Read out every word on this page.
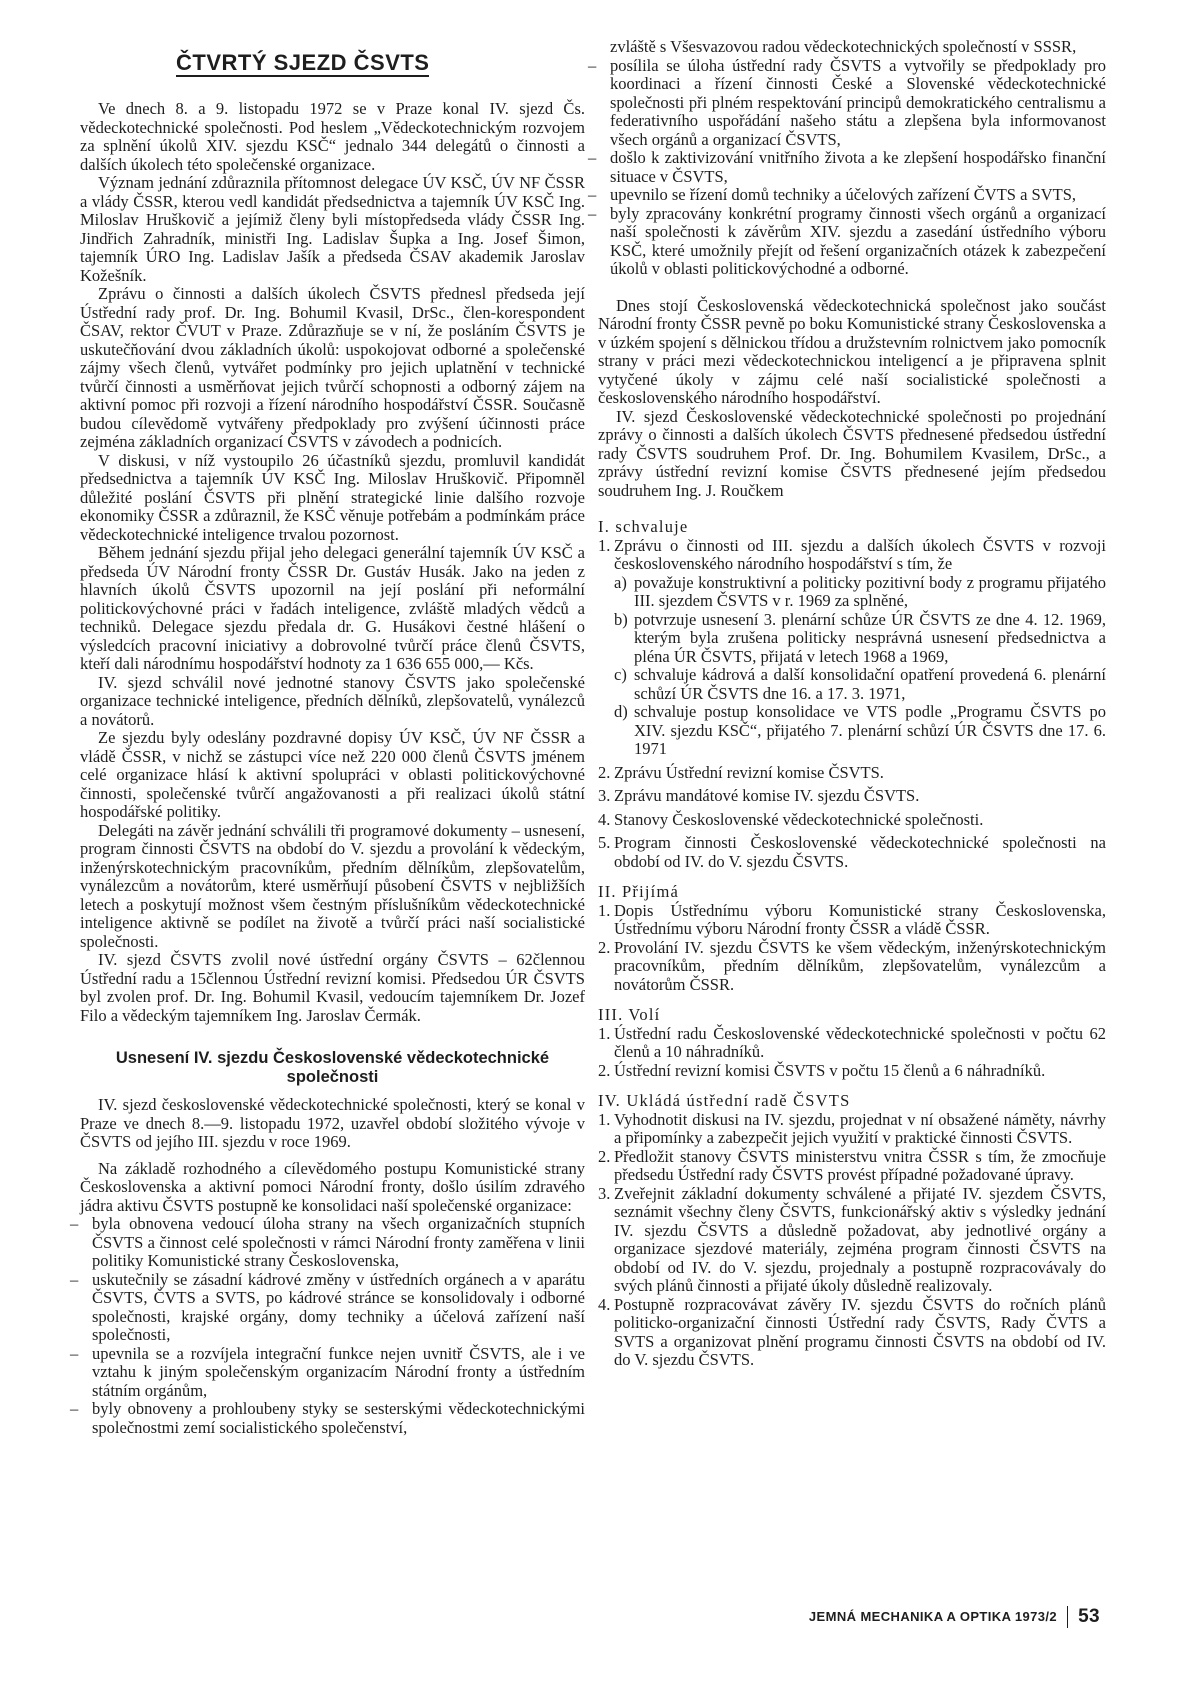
ČTVRTÝ SJEZD ČSVTS

Ve dnech 8. a 9. listopadu 1972 se v Praze konal IV. sjezd Čs. vědeckotechnické společnosti. Pod heslem „Vědeckotechnickým rozvojem za splnění úkolů XIV. sjezdu KSČ“ jednalo 344 delegátů o činnosti a dalších úkolech této společenské organizace.

Význam jednání zdůraznila přítomnost delegace ÚV KSČ, ÚV NF ČSSR a vlády ČSSR, kterou vedl kandidát předsednictva a tajemník ÚV KSČ Ing. Miloslav Hruškovič a jejímiž členy byli místopředseda vlády ČSSR Ing. Jindřich Zahradník, ministři Ing. Ladislav Šupka a Ing. Josef Šimon, tajemník ÚRO Ing. Ladislav Jašík a předseda ČSAV akademik Jaroslav Kožešník.

Zprávu o činnosti a dalších úkolech ČSVTS přednesl předseda její Ústřední rady prof. Dr. Ing. Bohumil Kvasil, DrSc., člen-korespondent ČSAV, rektor ČVUT v Praze. Zdůrazňuje se v ní, že posláním ČSVTS je uskutečňování dvou základních úkolů: uspokojovat odborné a společenské zájmy všech členů, vytvářet podmínky pro jejich uplatnění v technické tvůrčí činnosti a usměrňovat jejich tvůrčí schopnosti a odborný zájem na aktivní pomoc při rozvoji a řízení národního hospodářství ČSSR. Současně budou cílevědomě vytvářeny předpoklady pro zvýšení účinnosti práce zejména základních organizací ČSVTS v závodech a podnicích.

V diskusi, v níž vystoupilo 26 účastníků sjezdu, promluvil kandidát předsednictva a tajemník ÚV KSČ Ing. Miloslav Hruškovič. Připomněl důležité poslání ČSVTS při plnění strategické linie dalšího rozvoje ekonomiky ČSSR a zdůraznil, že KSČ věnuje potřebám a podmínkám práce vědeckotechnické inteligence trvalou pozornost.

Během jednání sjezdu přijal jeho delegaci generální tajemník ÚV KSČ a předseda ÚV Národní fronty ČSSR Dr. Gustáv Husák. Jako na jeden z hlavních úkolů ČSVTS upozornil na její poslání při neformální politickovýchovné práci v řadách inteligence, zvláště mladých vědců a techniků. Delegace sjezdu předala dr. G. Husákovi čestné hlášení o výsledcích pracovní iniciativy a dobrovolné tvůrčí práce členů ČSVTS, kteří dali národnímu hospodářství hodnoty za 1 636 655 000,— Kčs.

IV. sjezd schválil nové jednotné stanovy ČSVTS jako společenské organizace technické inteligence, předních dělníků, zlepšovatelů, vynálezců a novátorů.

Ze sjezdu byly odeslány pozdravné dopisy ÚV KSČ, ÚV NF ČSSR a vládě ČSSR, v nichž se zástupci více než 220 000 členů ČSVTS jménem celé organizace hlásí k aktivní spolupráci v oblasti politickovýchovné činnosti, společenské tvůrčí angažovanosti a při realizaci úkolů státní hospodářské politiky.

Delegáti na závěr jednání schválili tři programové dokumenty – usnesení, program činnosti ČSVTS na období do V. sjezdu a provolání k vědeckým, inženýrskotechnickým pracovníkům, předním dělníkům, zlepšovatelům, vynálezcům a novátorům, které usměrňují působení ČSVTS v nejbližších letech a poskytují možnost všem čestným příslušníkům vědeckotechnické inteligence aktivně se podílet na životě a tvůrčí práci naší socialistické společnosti.

IV. sjezd ČSVTS zvolil nové ústřední orgány ČSVTS – 62člennou Ústřední radu a 15člennou Ústřední revizní komisi. Předsedou ÚR ČSVTS byl zvolen prof. Dr. Ing. Bohumil Kvasil, vedoucím tajemníkem Dr. Jozef Filo a vědeckým tajemníkem Ing. Jaroslav Čermák.

Usnesení IV. sjezdu Československé vědeckotechnické společnosti

IV. sjezd československé vědeckotechnické společnosti, který se konal v Praze ve dnech 8.—9. listopadu 1972, uzavřel období složitého vývoje v ČSVTS od jejího III. sjezdu v roce 1969.

Na základě rozhodného a cílevědomého postupu Komunistické strany Československa a aktivní pomoci Národní fronty, došlo úsilím zdravého jádra aktivu ČSVTS postupně ke konsolidaci naší společenské organizace:

– byla obnovena vedoucí úloha strany na všech organizačních stupních ČSVTS a činnost celé společnosti v rámci Národní fronty zaměřena v linii politiky Komunistické strany Československa,
– uskutečnily se zásadní kádrové změny v ústředních orgánech a v aparátu ČSVTS, ČVTS a SVTS, po kádrové stránce se konsolidovaly i odborné společnosti, krajské orgány, domy techniky a účelová zařízení naší společnosti,
– upevnila se a rozvíjela integrační funkce nejen uvnitř ČSVTS, ale i ve vztahu k jiným společenským organizacím Národní fronty a ústředním státním orgánům,
– byly obnoveny a prohloubeny styky se sesterskými vědeckotechnickými společnostmi zemí socialistického společenství,

zvláště s Všesvazovou radou vědeckotechnických společností v SSSR,

– posílila se úloha ústřední rady ČSVTS a vytvořily se předpoklady pro koordinaci a řízení činnosti České a Slovenské vědeckotechnické společnosti při plném respektování principů demokratického centralismu a federativního uspořádání našeho státu a zlepšena byla informovanost všech orgánů a organizací ČSVTS,
– došlo k zaktivizování vnitřního života a ke zlepšení hospodářsko finanční situace v ČSVTS,
– upevnilo se řízení domů techniky a účelových zařízení ČVTS a SVTS,
– byly zpracovány konkrétní programy činnosti všech orgánů a organizací naší společnosti k závěrům XIV. sjezdu a zasedání ústředního výboru KSČ, které umožnily přejít od řešení organizačních otázek k zabezpečení úkolů v oblasti politickovýchodné a odborné.

Dnes stojí Československá vědeckotechnická společnost jako součást Národní fronty ČSSR pevně po boku Komunistické strany Československa a v úzkém spojení s dělnickou třídou a družstevním rolnictvem jako pomocník strany v práci mezi vědeckotechnickou inteligencí a je připravena splnit vytyčené úkoly v zájmu celé naší socialistické společnosti a československého národního hospodářství.

IV. sjezd Československé vědeckotechnické společnosti po projednání zprávy o činnosti a dalších úkolech ČSVTS přednesené předsedou ústřední rady ČSVTS soudruhem Prof. Dr. Ing. Bohumilem Kvasilem, DrSc., a zprávy ústřední revizní komise ČSVTS přednesené jejím předsedou soudruhem Ing. J. Roučkem

I. schvaluje

1. Zprávu o činnosti od III. sjezdu a dalších úkolech ČSVTS v rozvoji československého národního hospodářství s tím, že
a) považuje konstruktivní a politicky pozitivní body z programu přijatého III. sjezdem ČSVTS v r. 1969 za splněné,
b) potvrzuje usnesení 3. plenární schůze ÚR ČSVTS ze dne 4. 12. 1969, kterým byla zrušena politicky nesprávná usnesení předsednictva a pléna ÚR ČSVTS, přijatá v letech 1968 a 1969,
c) schvaluje kádrová a další konsolidační opatření provedená 6. plenární schůzí ÚR ČSVTS dne 16. a 17. 3. 1971,
d) schvaluje postup konsolidace ve VTS podle „Programu ČSVTS po XIV. sjezdu KSČ“, přijatého 7. plenární schůzí ÚR ČSVTS dne 17. 6. 1971
2. Zprávu Ústřední revizní komise ČSVTS.
3. Zprávu mandátové komise IV. sjezdu ČSVTS.
4. Stanovy Československé vědeckotechnické společnosti.
5. Program činnosti Československé vědeckotechnické společnosti na období od IV. do V. sjezdu ČSVTS.

II. Přijímá

1. Dopis Ústřednímu výboru Komunistické strany Československa, Ústřednímu výboru Národní fronty ČSSR a vládě ČSSR.
2. Provolání IV. sjezdu ČSVTS ke všem vědeckým, inženýrskotechnickým pracovníkům, předním dělníkům, zlepšovatelům, vynálezcům a novátorům ČSSR.

III. Volí

1. Ústřední radu Československé vědeckotechnické společnosti v počtu 62 členů a 10 náhradníků.
2. Ústřední revizní komisi ČSVTS v počtu 15 členů a 6 náhradníků.

IV. Ukládá ústřední radě ČSVTS

1. Vyhodnotit diskusi na IV. sjezdu, projednat v ní obsažené náměty, návrhy a připomínky a zabezpečit jejich využití v praktické činnosti ČSVTS.
2. Předložit stanovy ČSVTS ministerstvu vnitra ČSSR s tím, že zmocňuje předsedu Ústřední rady ČSVTS provést případné požadované úpravy.
3. Zveřejnit základní dokumenty schválené a přijaté IV. sjezdem ČSVTS, seznámit všechny členy ČSVTS, funkcionářský aktiv s výsledky jednání IV. sjezdu ČSVTS a důsledně požadovat, aby jednotlivé orgány a organizace sjezdové materiály, zejména program činnosti ČSVTS na období od IV. do V. sjezdu, projednaly a postupně rozpracovávaly do svých plánů činnosti a přijaté úkoly důsledně realizovaly.
4. Postupně rozpracovávat závěry IV. sjezdu ČSVTS do ročních plánů politicko-organizační činnosti Ústřední rady ČSVTS, Rady ČVTS a SVTS a organizovat plnění programu činnosti ČSVTS na období od IV. do V. sjezdu ČSVTS.
JEMNÁ MECHANIKA A OPTIKA 1973/2 53
